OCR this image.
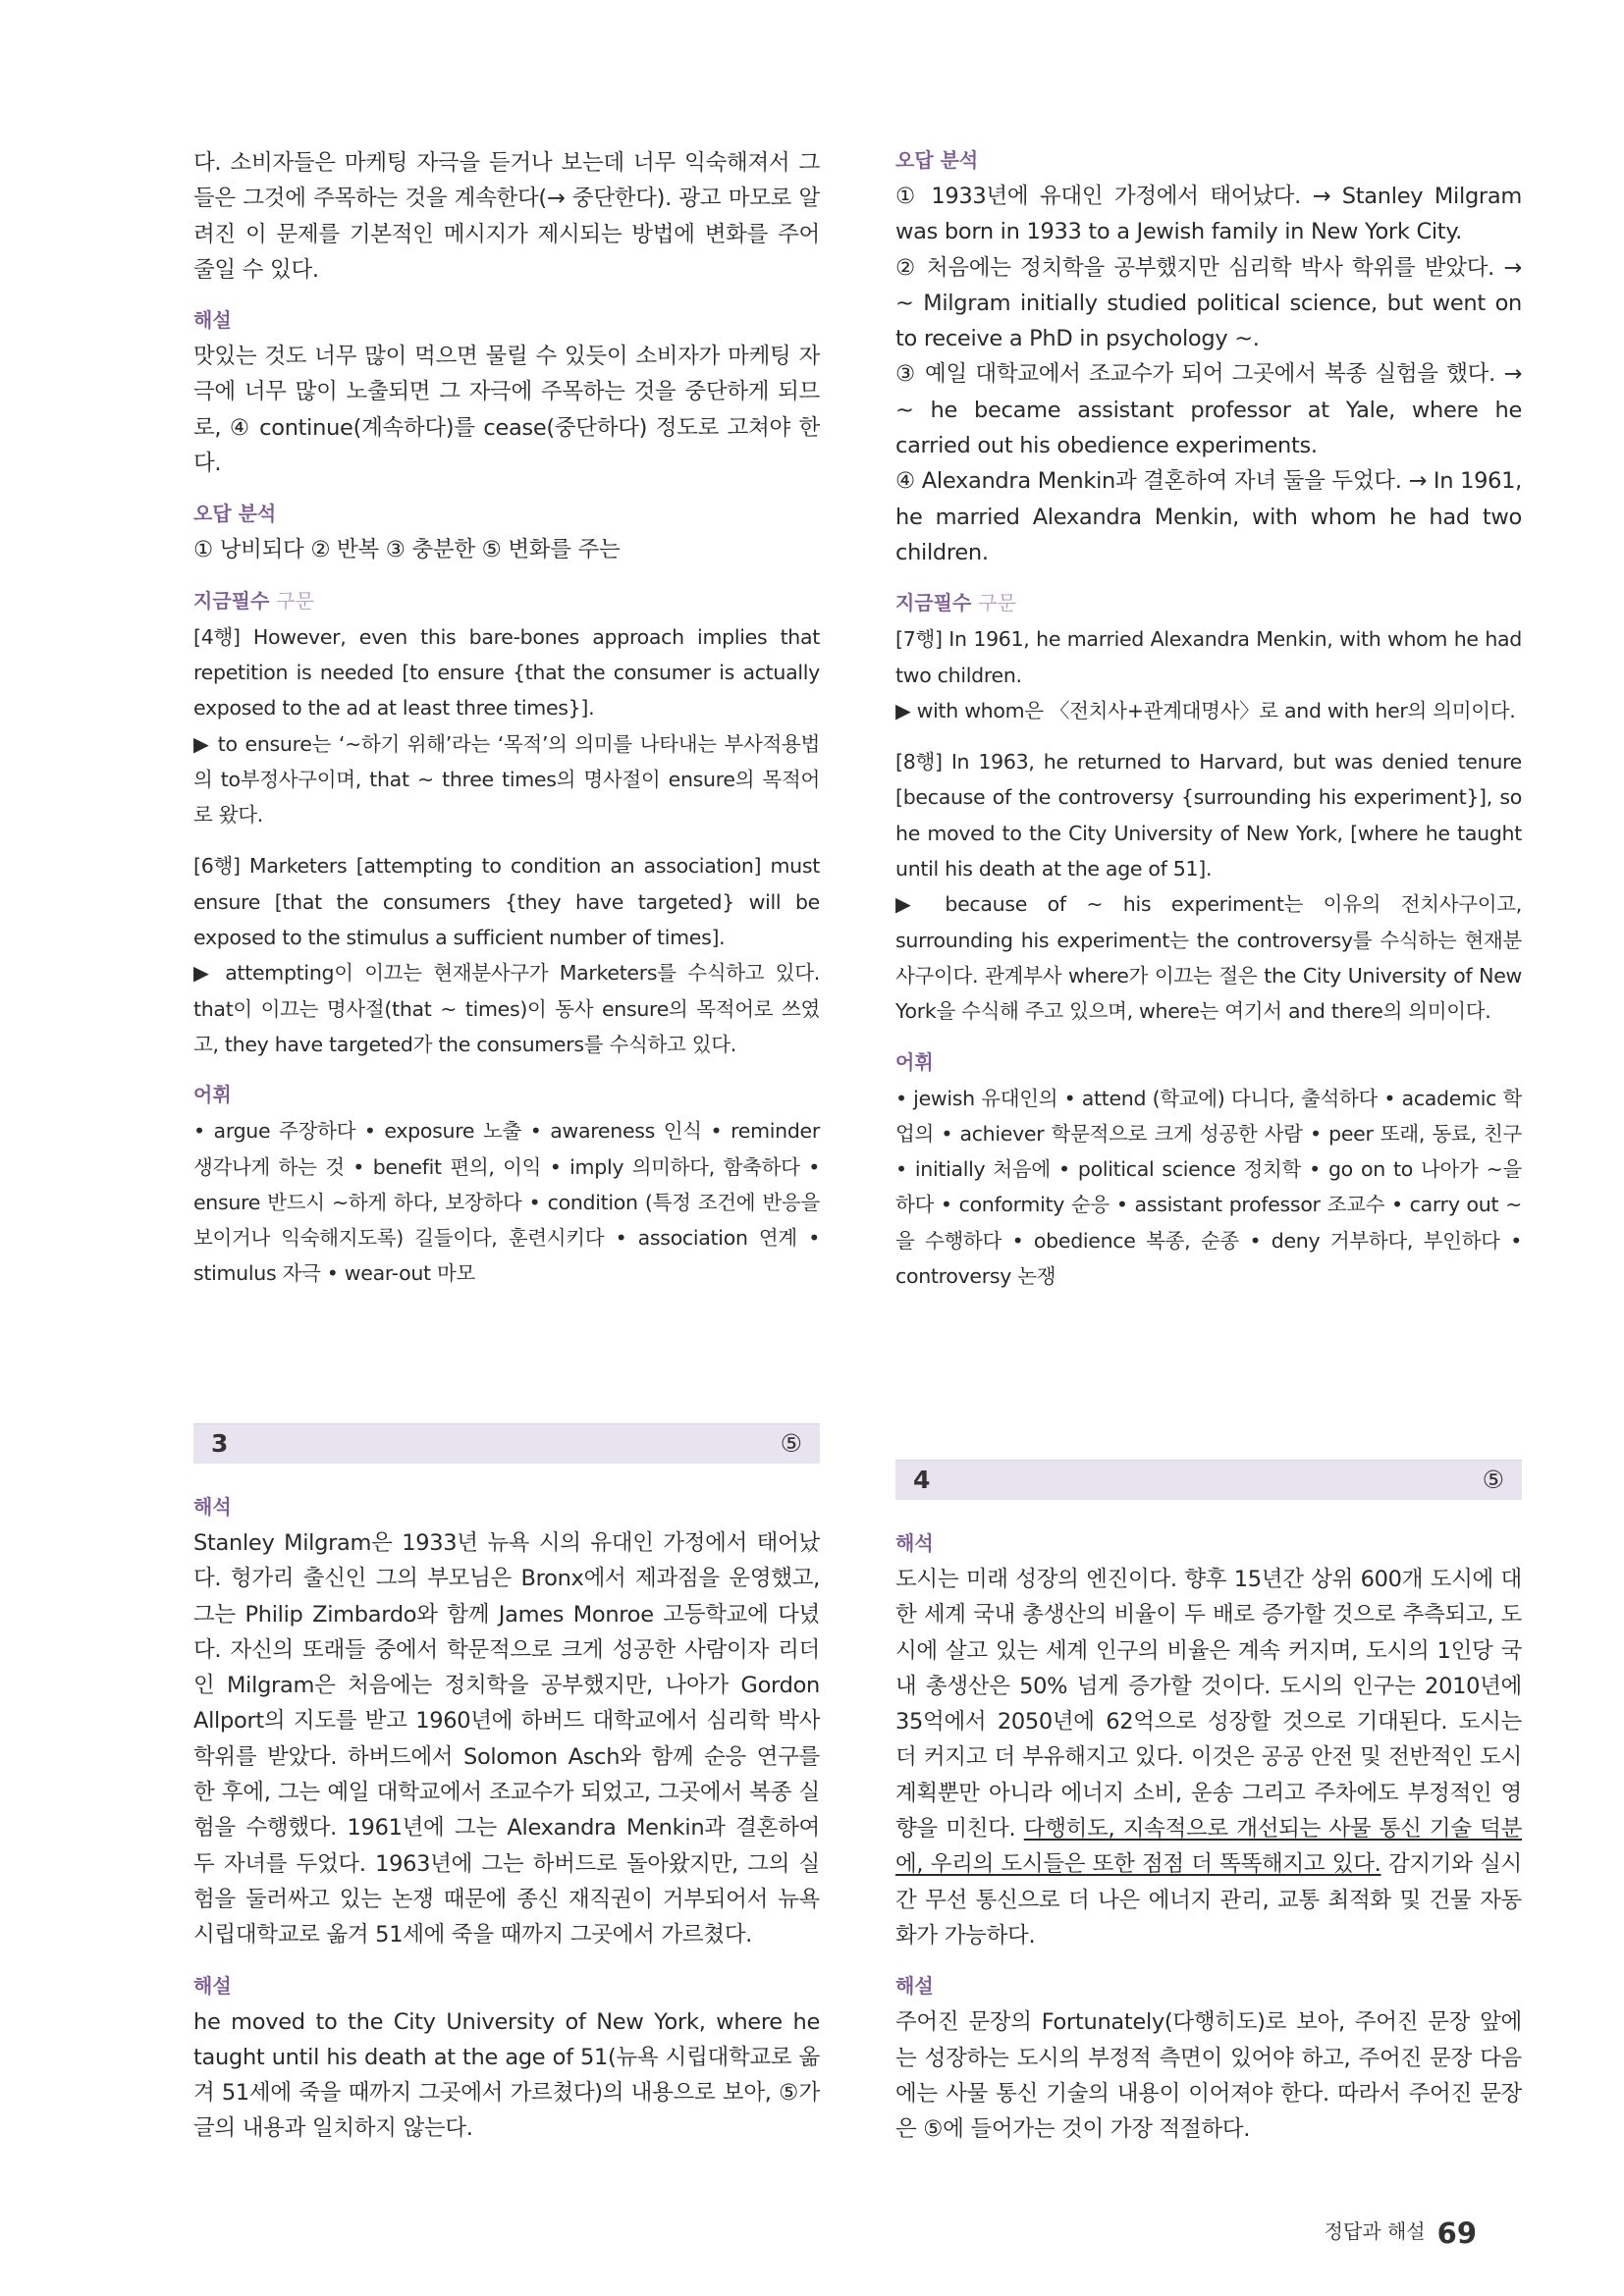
다. 소비자들은 마케팅 자극을 듣거나 보는데 너무 익숙해져서 그들은 그것에 주목하는 것을 계속한다(→ 중단한다). 광고 마모로 알려진 이 문제를 기본적인 메시지가 제시되는 방법에 변화를 주어 줄일 수 있다.

해설

맛있는 것도 너무 많이 먹으면 물릴 수 있듯이 소비자가 마케팅 자극에 너무 많이 노출되면 그 자극에 주목하는 것을 중단하게 되므로, ④ continue(계속하다)를 cease(중단하다) 정도로 고쳐야 한다.

오답 분석

① 낭비되다 ② 반복 ③ 충분한 ⑤ 변화를 주는

지금필수 구문

[4행] However, even this bare-bones approach implies that repetition is needed [to ensure {that the consumer is actually exposed to the ad at least three times}].

▶ to ensure는 ‘~하기 위해’라는 ‘목적’의 의미를 나타내는 부사적용법의 to부정사구이며, that ~ three times의 명사절이 ensure의 목적어로 왔다.

[6행] Marketers [attempting to condition an association] must ensure [that the consumers {they have targeted} will be exposed to the stimulus a sufficient number of times].

▶ attempting이 이끄는 현재분사구가 Marketers를 수식하고 있다. that이 이끄는 명사절(that ~ times)이 동사 ensure의 목적어로 쓰였고, they have targeted가 the consumers를 수식하고 있다.

어휘

• argue 주장하다 • exposure 노출 • awareness 인식 • reminder 생각나게 하는 것 • benefit 편의, 이익 • imply 의미하다, 함축하다 • ensure 반드시 ~하게 하다, 보장하다 • condition (특정 조건에 반응을 보이거나 익숙해지도록) 길들이다, 훈련시키다 • association 연계 • stimulus 자극 • wear-out 마모

오답 분석

① 1933년에 유대인 가정에서 태어났다. → Stanley Milgram was born in 1933 to a Jewish family in New York City.

② 처음에는 정치학을 공부했지만 심리학 박사 학위를 받았다. → ~ Milgram initially studied political science, but went on to receive a PhD in psychology ~.

③ 예일 대학교에서 조교수가 되어 그곳에서 복종 실험을 했다. → ~ he became assistant professor at Yale, where he carried out his obedience experiments.

④ Alexandra Menkin과 결혼하여 자녀 둘을 두었다. → In 1961, he married Alexandra Menkin, with whom he had two children.

지금필수 구문

[7행] In 1961, he married Alexandra Menkin, with whom he had two children.

▶ with whom은 〈전치사+관계대명사〉로 and with her의 의미이다.

[8행] In 1963, he returned to Harvard, but was denied tenure [because of the controversy {surrounding his experiment}], so he moved to the City University of New York, [where he taught until his death at the age of 51].

▶ because of ~ his experiment는 이유의 전치사구이고, surrounding his experiment는 the controversy를 수식하는 현재분사구이다. 관계부사 where가 이끄는 절은 the City University of New York을 수식해 주고 있으며, where는 여기서 and there의 의미이다.

어휘

• jewish 유대인의 • attend (학교에) 다니다, 출석하다 • academic 학업의 • achiever 학문적으로 크게 성공한 사람 • peer 또래, 동료, 친구 • initially 처음에 • political science 정치학 • go on to 나아가 ~을 하다 • conformity 순응 • assistant professor 조교수 • carry out ~을 수행하다 • obedience 복종, 순종 • deny 거부하다, 부인하다 • controversy 논쟁

3	⑤
4	⑤
해석

Stanley Milgram은 1933년 뉴욕 시의 유대인 가정에서 태어났다. 헝가리 출신인 그의 부모님은 Bronx에서 제과점을 운영했고, 그는 Philip Zimbardo와 함께 James Monroe 고등학교에 다녔다. 자신의 또래들 중에서 학문적으로 크게 성공한 사람이자 리더인 Milgram은 처음에는 정치학을 공부했지만, 나아가 Gordon Allport의 지도를 받고 1960년에 하버드 대학교에서 심리학 박사 학위를 받았다. 하버드에서 Solomon Asch와 함께 순응 연구를 한 후에, 그는 예일 대학교에서 조교수가 되었고, 그곳에서 복종 실험을 수행했다. 1961년에 그는 Alexandra Menkin과 결혼하여 두 자녀를 두었다. 1963년에 그는 하버드로 돌아왔지만, 그의 실험을 둘러싸고 있는 논쟁 때문에 종신 재직권이 거부되어서 뉴욕 시립대학교로 옮겨 51세에 죽을 때까지 그곳에서 가르쳤다.

해설

he moved to the City University of New York, where he taught until his death at the age of 51(뉴욕 시립대학교로 옮겨 51세에 죽을 때까지 그곳에서 가르쳤다)의 내용으로 보아, ⑤가 글의 내용과 일치하지 않는다.

해석

도시는 미래 성장의 엔진이다. 향후 15년간 상위 600개 도시에 대한 세계 국내 총생산의 비율이 두 배로 증가할 것으로 추측되고, 도시에 살고 있는 세계 인구의 비율은 계속 커지며, 도시의 1인당 국내 총생산은 50% 넘게 증가할 것이다. 도시의 인구는 2010년에 35억에서 2050년에 62억으로 성장할 것으로 기대된다. 도시는 더 커지고 더 부유해지고 있다. 이것은 공공 안전 및 전반적인 도시 계획뿐만 아니라 에너지 소비, 운송 그리고 주차에도 부정적인 영향을 미친다. 다행히도, 지속적으로 개선되는 사물 통신 기술 덕분에, 우리의 도시들은 또한 점점 더 똑똑해지고 있다. 감지기와 실시간 무선 통신으로 더 나은 에너지 관리, 교통 최적화 및 건물 자동화가 가능하다.

해설

주어진 문장의 Fortunately(다행히도)로 보아, 주어진 문장 앞에는 성장하는 도시의 부정적 측면이 있어야 하고, 주어진 문장 다음에는 사물 통신 기술의 내용이 이어져야 한다. 따라서 주어진 문장은 ⑤에 들어가는 것이 가장 적절하다.

정답과 해설 69
